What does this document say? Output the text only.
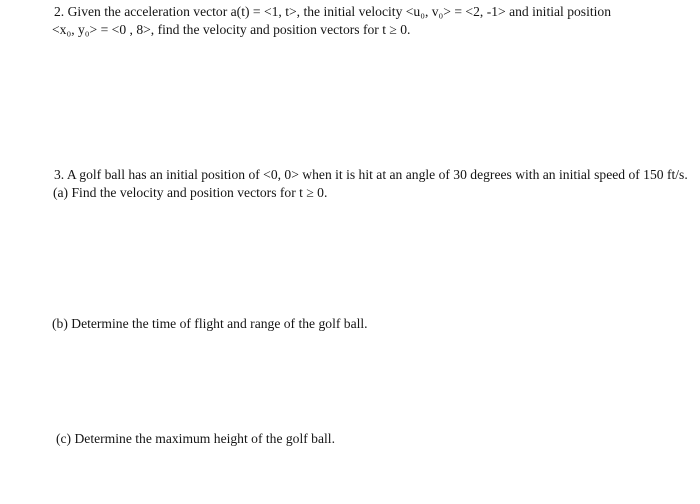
2. Given the acceleration vector a(t) = <1, t>, the initial velocity <u₀, v₀> = <2, -1> and initial position
<x₀, y₀> = <0 , 8>, find the velocity and position vectors for t ≥ 0.
3. A golf ball has an initial position of <0, 0> when it is hit at an angle of 30 degrees with an initial speed of 150 ft/s.
(a) Find the velocity and position vectors for t ≥ 0.
(b) Determine the time of flight and range of the golf ball.
(c) Determine the maximum height of the golf ball.
